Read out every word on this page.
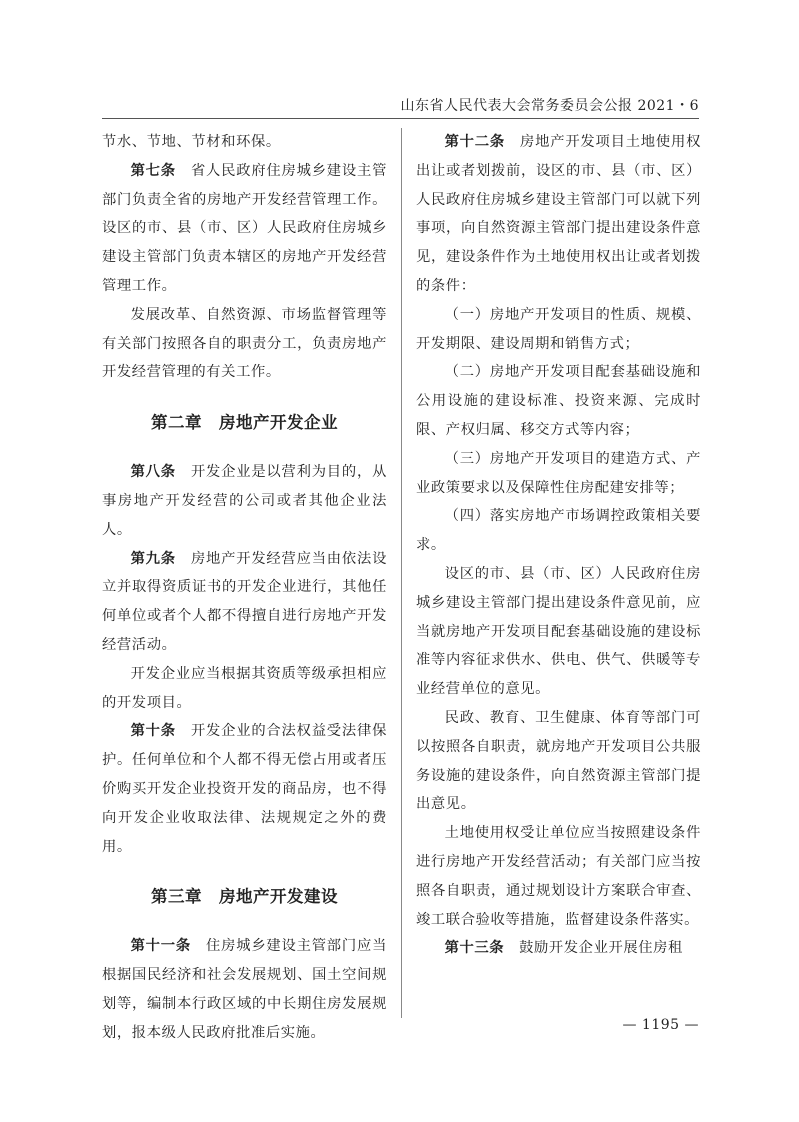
山东省人民代表大会常务委员会公报 2021・6

节水、节地、节材和环保。

第七条　省人民政府住房城乡建设主管部门负责全省的房地产开发经营管理工作。设区的市、县（市、区）人民政府住房城乡建设主管部门负责本辖区的房地产开发经营管理工作。

发展改革、自然资源、市场监督管理等有关部门按照各自的职责分工，负责房地产开发经营管理的有关工作。

第二章　房地产开发企业

第八条　开发企业是以营利为目的，从事房地产开发经营的公司或者其他企业法人。

第九条　房地产开发经营应当由依法设立并取得资质证书的开发企业进行，其他任何单位或者个人都不得擅自进行房地产开发经营活动。

开发企业应当根据其资质等级承担相应的开发项目。

第十条　开发企业的合法权益受法律保护。任何单位和个人都不得无偿占用或者压价购买开发企业投资开发的商品房，也不得向开发企业收取法律、法规规定之外的费用。

第三章　房地产开发建设

第十一条　住房城乡建设主管部门应当根据国民经济和社会发展规划、国土空间规划等，编制本行政区域的中长期住房发展规划，报本级人民政府批准后实施。

第十二条　房地产开发项目土地使用权出让或者划拨前，设区的市、县（市、区）人民政府住房城乡建设主管部门可以就下列事项，向自然资源主管部门提出建设条件意见，建设条件作为土地使用权出让或者划拨的条件：

（一）房地产开发项目的性质、规模、开发期限、建设周期和销售方式；

（二）房地产开发项目配套基础设施和公用设施的建设标准、投资来源、完成时限、产权归属、移交方式等内容；

（三）房地产开发项目的建造方式、产业政策要求以及保障性住房配建安排等；

（四）落实房地产市场调控政策相关要求。

设区的市、县（市、区）人民政府住房城乡建设主管部门提出建设条件意见前，应当就房地产开发项目配套基础设施的建设标准等内容征求供水、供电、供气、供暖等专业经营单位的意见。

民政、教育、卫生健康、体育等部门可以按照各自职责，就房地产开发项目公共服务设施的建设条件，向自然资源主管部门提出意见。

土地使用权受让单位应当按照建设条件进行房地产开发经营活动；有关部门应当按照各自职责，通过规划设计方案联合审查、竣工联合验收等措施，监督建设条件落实。

第十三条　鼓励开发企业开展住房租

— 1195 —
